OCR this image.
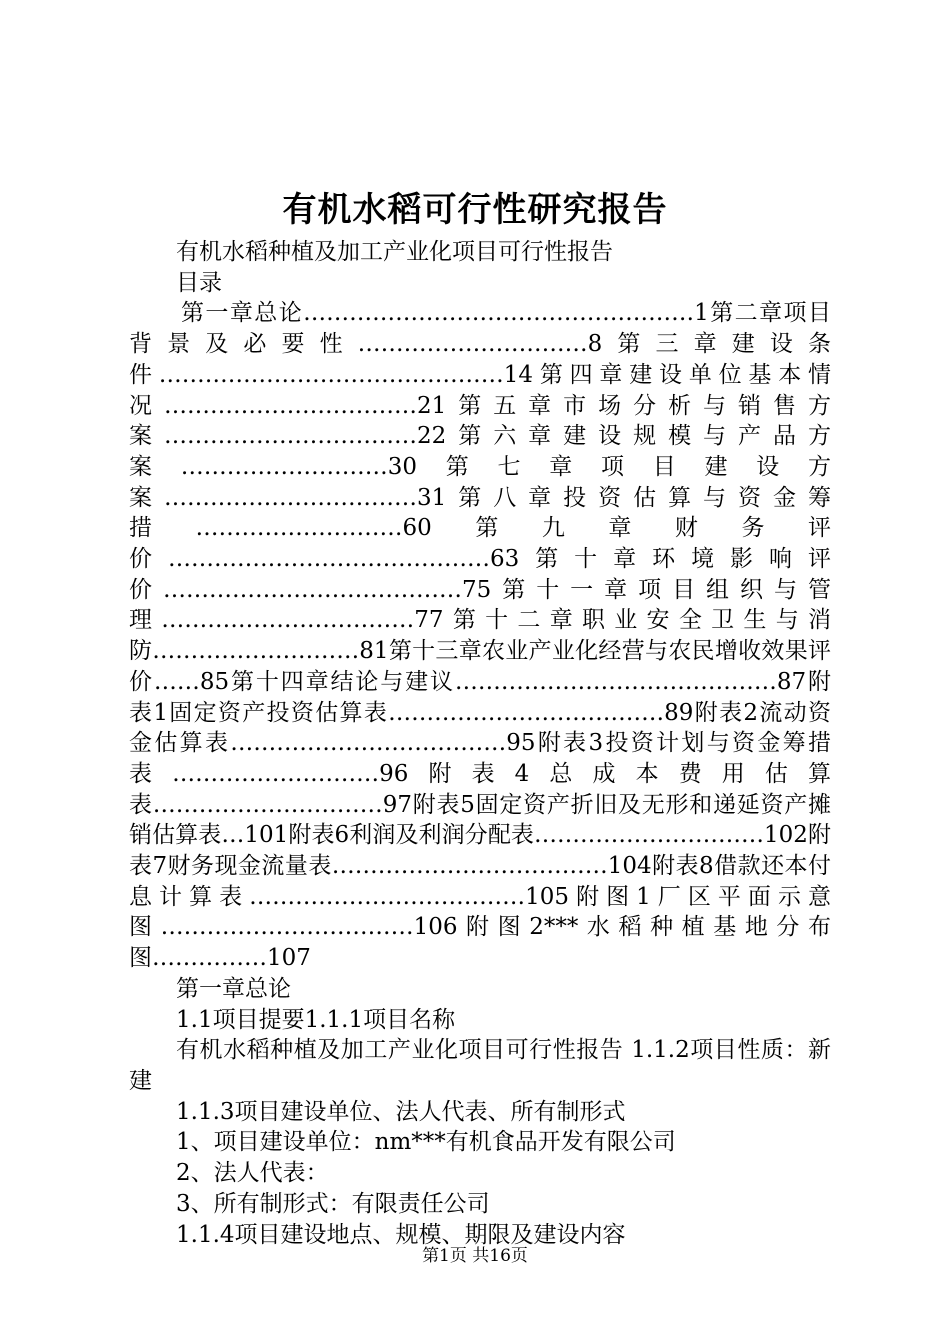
有机水稻可行性研究报告
有机水稻种植及加工产业化项目可行性报告
目录
第一章总论……………………………………………1第二章项目背景及必要性…………………………8第三章建设条件………………………………………14第四章建设单位基本情况……………………………21第五章市场分析与销售方案……………………………22第六章建设规模与产品方案………………………30第七章项目建设方案……………………………31第八章投资估算与资金筹措………………………60第九章财务评价……………………………………63第十章环境影响评价…………………………………75第十一章项目组织与管理……………………………77第十二章职业安全卫生与消防………………………81第十三章农业产业化经营与农民增收效果评价……85第十四章结论与建议……………………………………87附表1固定资产投资估算表………………………………89附表2流动资金估算表………………………………95附表3投资计划与资金筹措表………………………96附表4总成本费用估算表…………………………97附表5固定资产折旧及无形和递延资产摊销估算表…101附表6利润及利润分配表…………………………102附表7财务现金流量表………………………………104附表8借款还本付息计算表………………………………105附图1厂区平面示意图……………………………106附图2***水稻种植基地分布图……………107
第一章总论
1.1项目提要1.1.1项目名称
有机水稻种植及加工产业化项目可行性报告 1.1.2项目性质：新建
1.1.3项目建设单位、法人代表、所有制形式
1、项目建设单位：nm***有机食品开发有限公司
2、法人代表：
3、所有制形式：有限责任公司
1.1.4项目建设地点、规模、期限及建设内容
第1页 共16页
